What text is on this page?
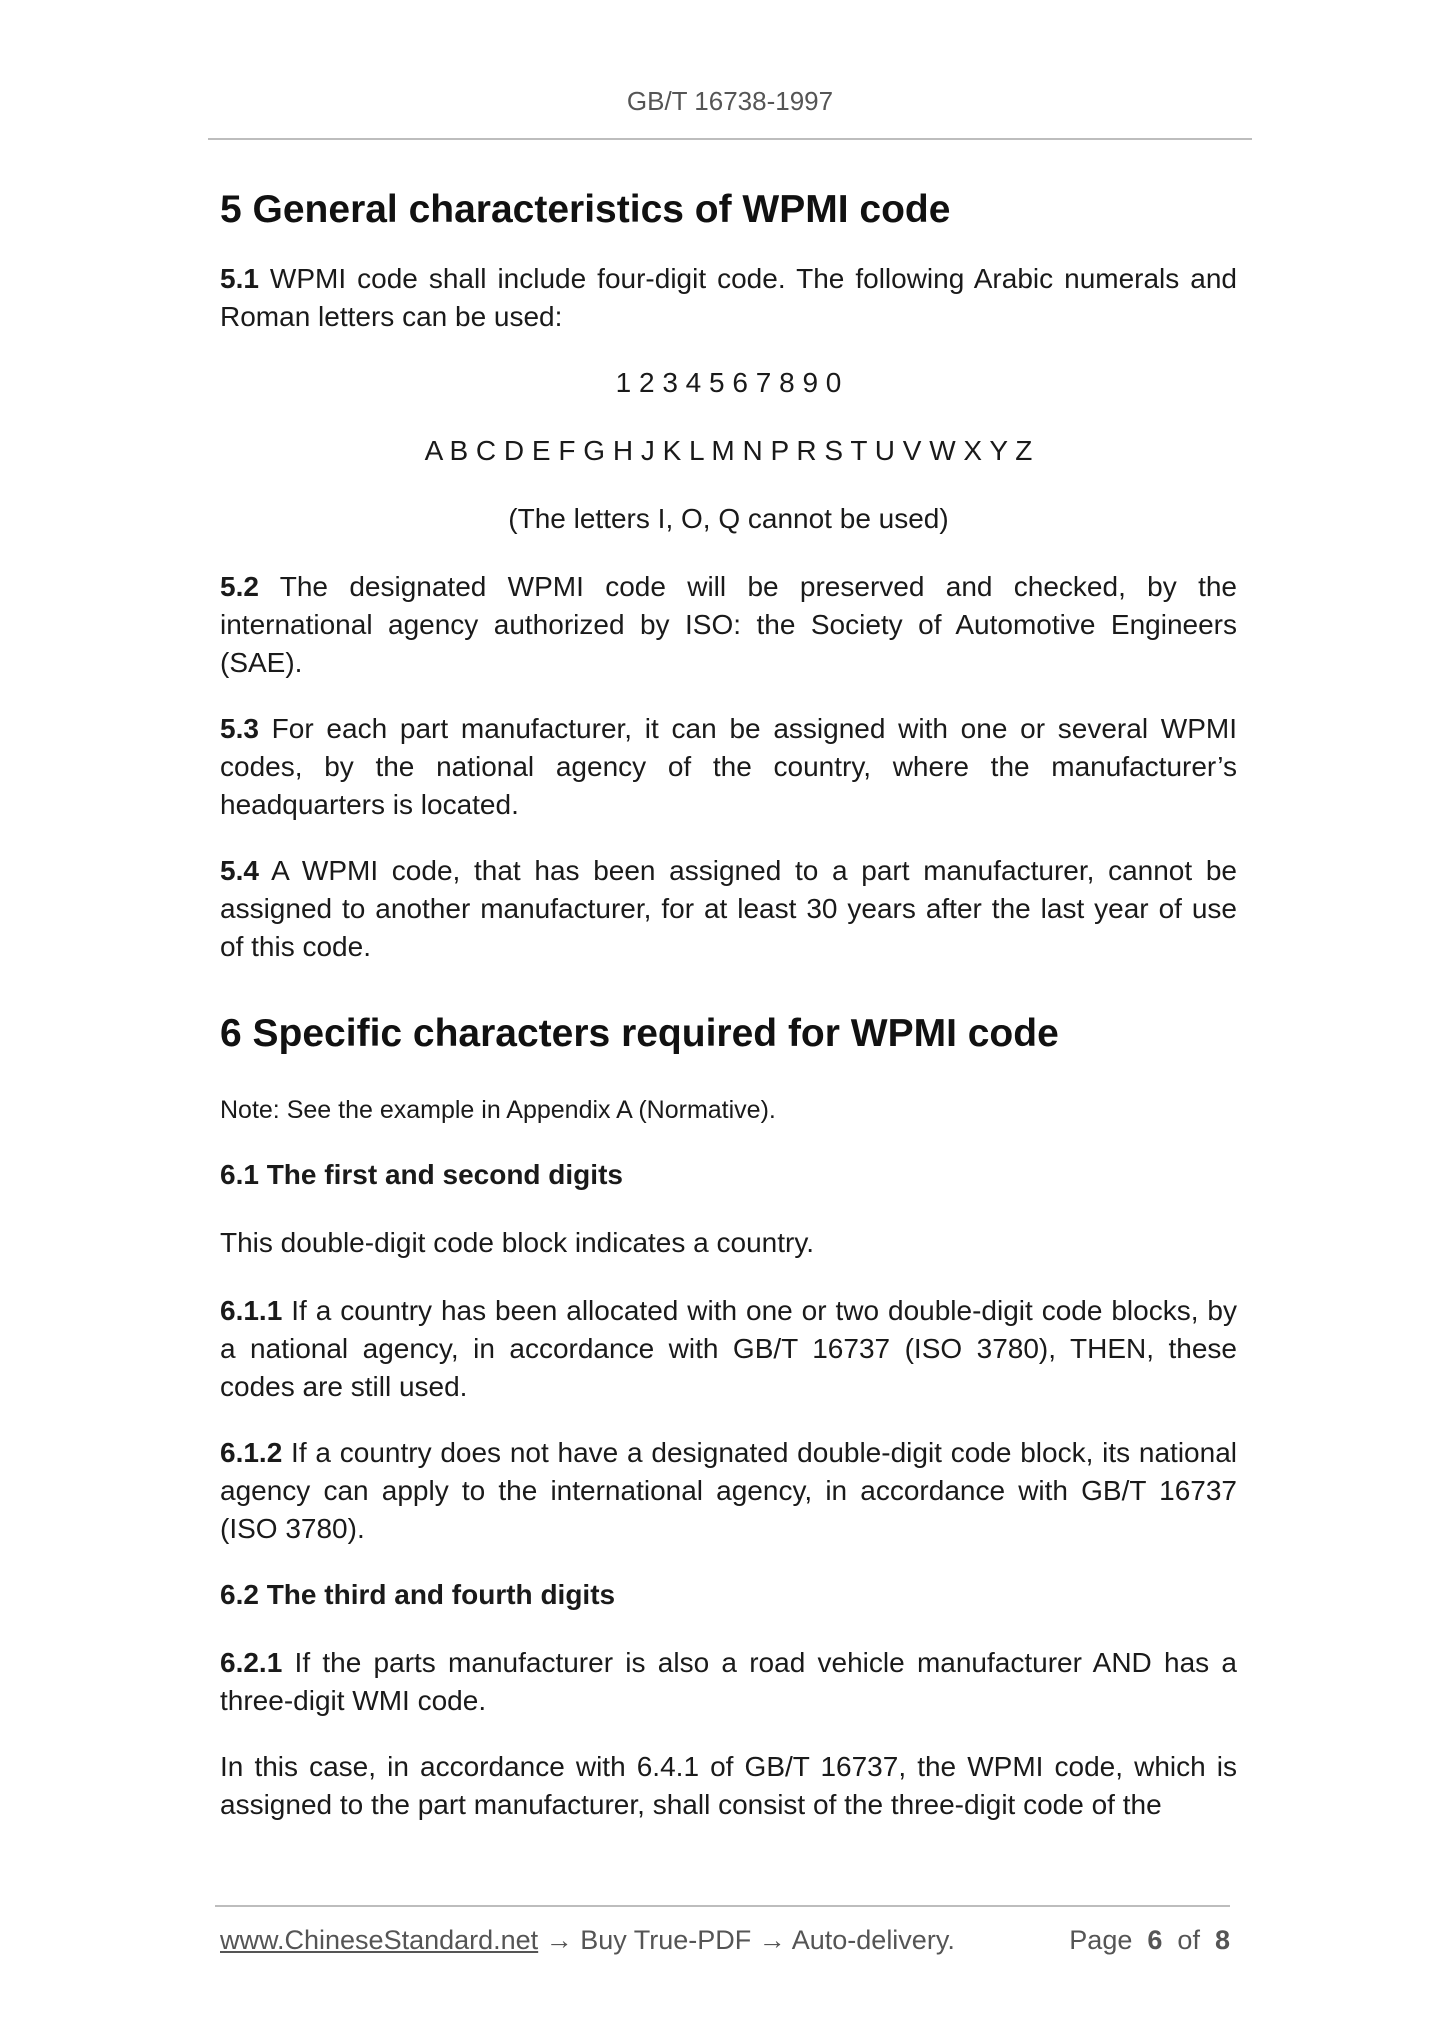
GB/T 16738-1997
5 General characteristics of WPMI code

5.1 WPMI code shall include four-digit code. The following Arabic numerals and Roman letters can be used:

1 2 3 4 5 6 7 8 9 0

A B C D E F G H J K L M N P R S T U V W X Y Z

(The letters I, O, Q cannot be used)

5.2 The designated WPMI code will be preserved and checked, by the international agency authorized by ISO: the Society of Automotive Engineers (SAE).

5.3 For each part manufacturer, it can be assigned with one or several WPMI codes, by the national agency of the country, where the manufacturer’s headquarters is located.

5.4 A WPMI code, that has been assigned to a part manufacturer, cannot be assigned to another manufacturer, for at least 30 years after the last year of use of this code.

6 Specific characters required for WPMI code

Note: See the example in Appendix A (Normative).

6.1 The first and second digits

This double-digit code block indicates a country.

6.1.1 If a country has been allocated with one or two double-digit code blocks, by a national agency, in accordance with GB/T 16737 (ISO 3780), THEN, these codes are still used.

6.1.2 If a country does not have a designated double-digit code block, its national agency can apply to the international agency, in accordance with GB/T 16737 (ISO 3780).

6.2 The third and fourth digits

6.2.1 If the parts manufacturer is also a road vehicle manufacturer AND has a three-digit WMI code.

In this case, in accordance with 6.4.1 of GB/T 16737, the WPMI code, which is assigned to the part manufacturer, shall consist of the three-digit code of the

www.ChineseStandard.net → Buy True-PDF → Auto-delivery.	Page 6 of 8
